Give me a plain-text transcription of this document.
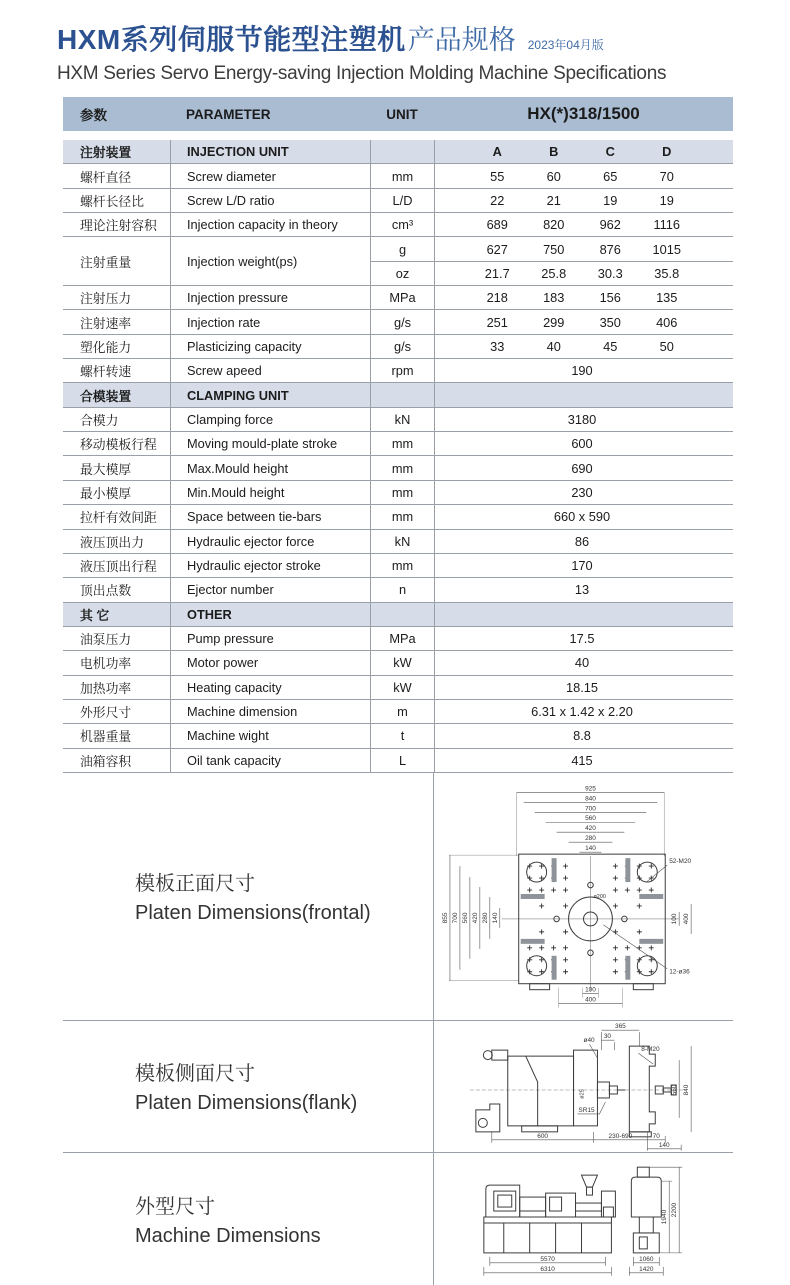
HXM系列伺服节能型注塑机 产品规格 2023年04月版
HXM Series Servo Energy-saving Injection Molding Machine Specifications
参数	PARAMETER	UNIT	HX(*)318/1500
注射装置	INJECTION UNIT	A	B	C	D
螺杆直径	Screw diameter	mm	55	60	65	70
螺杆长径比	Screw L/D ratio	L/D	22	21	19	19
理论注射容积	Injection capacity in theory	cm³	689	820	962	1116
注射重量	Injection weight(ps)
g	627	750	876	1015
oz	21.7	25.8	30.3	35.8
注射压力	Injection pressure	MPa	218	183	156	135
注射速率	Injection rate	g/s	251	299	350	406
塑化能力	Plasticizing capacity	g/s	33	40	45	50
螺杆转速	Screw apeed	rpm	190
合模装置	CLAMPING UNIT
合模力	Clamping force	kN	3180
移动模板行程	Moving mould-plate stroke	mm	600
最大模厚	Max.Mould height	mm	690
最小模厚	Min.Mould height	mm	230
拉杆有效间距	Space between tie-bars	mm	660 x 590
液压顶出力	Hydraulic ejector force	kN	86
液压顶出行程	Hydraulic ejector stroke	mm	170
顶出点数	Ejector number	n	13
其 它	OTHER
油泵压力	Pump pressure	MPa	17.5
电机功率	Motor power	kW	40
加热功率	Heating capacity	kW	18.15
外形尺寸	Machine dimension	m	6.31 x 1.42 x 2.20
机器重量	Machine wight	t	8.8
油箱容积	Oil tank capacity	L	415
模板正面尺寸
Platen Dimensions(frontal)
925
840
700
560
420
280
140
855 700 560 420 280 140	100 400
100
400
52-M20
12-ø36
ø200
模板侧面尺寸
Platen Dimensions(flank)
365
30
8-M20
ø40
ø25
SR15
560 840
600	230-690	70
140
外型尺寸
Machine Dimensions
5570
6310
1940 2200
1060
1420
